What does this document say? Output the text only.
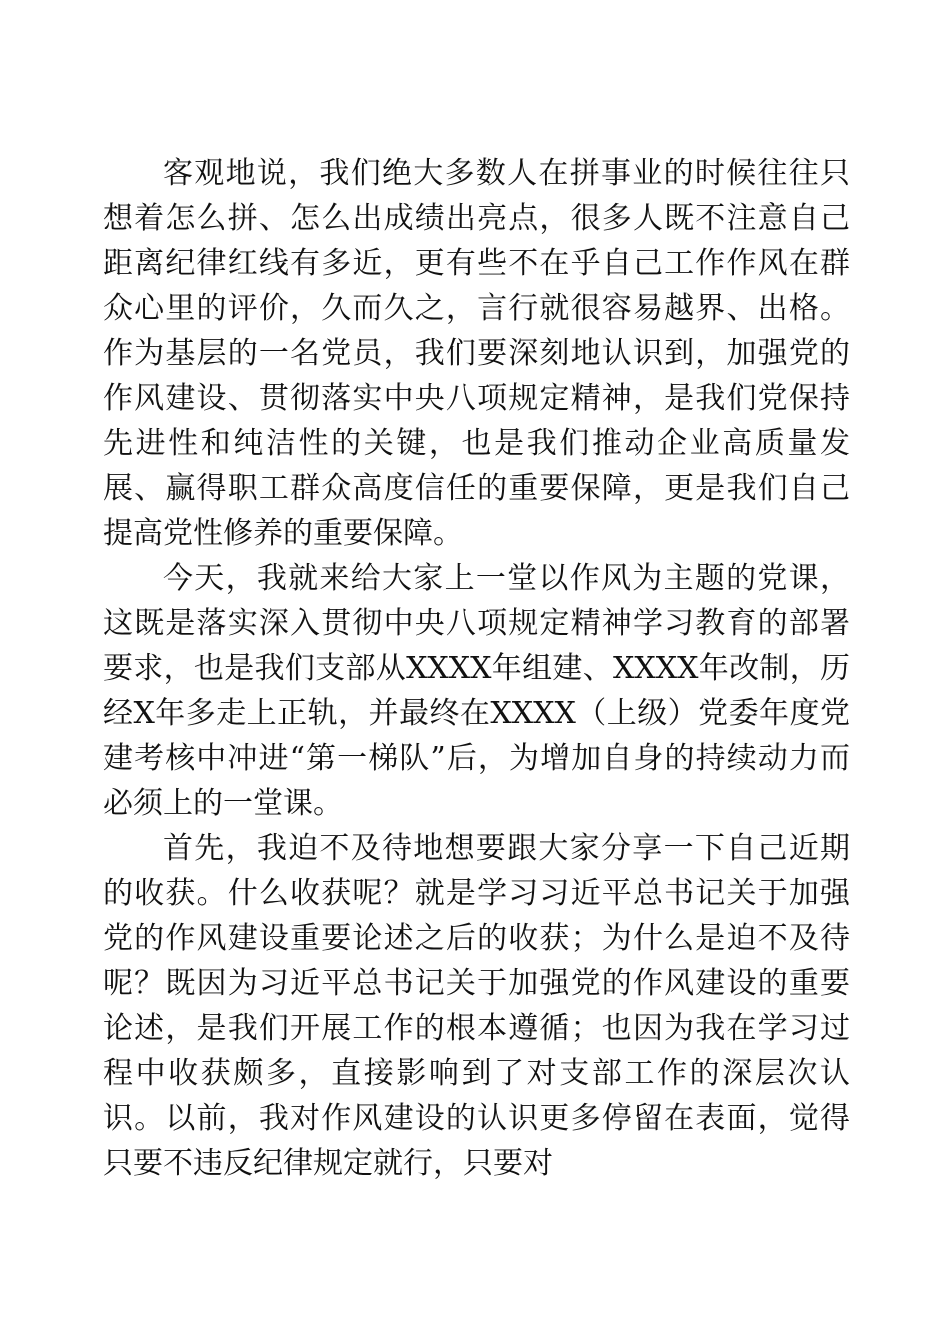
客观地说，我们绝大多数人在拼事业的时候往往只想着怎么拼、怎么出成绩出亮点，很多人既不注意自己距离纪律红线有多近，更有些不在乎自己工作作风在群众心里的评价，久而久之，言行就很容易越界、出格。作为基层的一名党员，我们要深刻地认识到，加强党的作风建设、贯彻落实中央八项规定精神，是我们党保持先进性和纯洁性的关键，也是我们推动企业高质量发展、赢得职工群众高度信任的重要保障，更是我们自己提高党性修养的重要保障。

今天，我就来给大家上一堂以作风为主题的党课，这既是落实深入贯彻中央八项规定精神学习教育的部署要求，也是我们支部从XXXX年组建、XXXX年改制，历经X年多走上正轨，并最终在XXXX（上级）党委年度党建考核中冲进“第一梯队”后，为增加自身的持续动力而必须上的一堂课。

首先，我迫不及待地想要跟大家分享一下自己近期的收获。什么收获呢？就是学习习近平总书记关于加强党的作风建设重要论述之后的收获；为什么是迫不及待呢？既因为习近平总书记关于加强党的作风建设的重要论述，是我们开展工作的根本遵循；也因为我在学习过程中收获颇多，直接影响到了对支部工作的深层次认识。以前，我对作风建设的认识更多停留在表面，觉得只要不违反纪律规定就行，只要对
